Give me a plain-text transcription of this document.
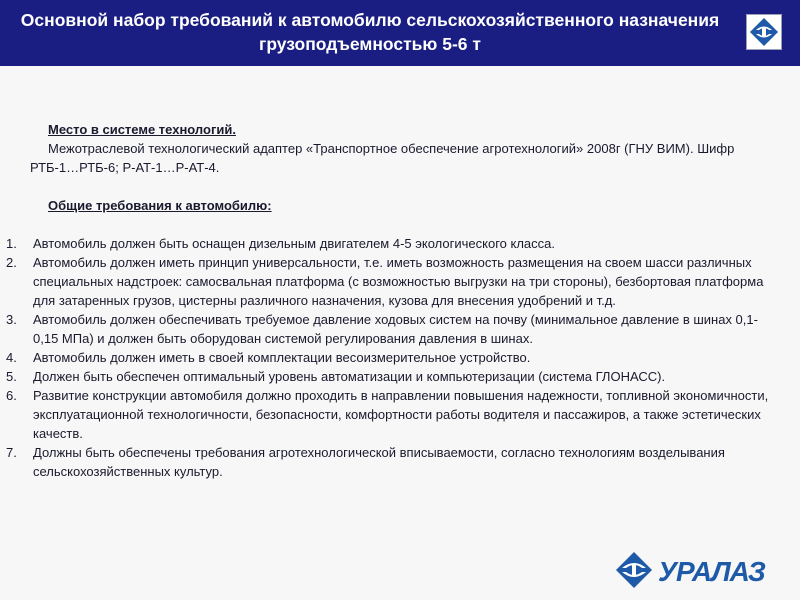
Основной набор требований к автомобилю сельскохозяйственного назначения грузоподъемностью 5-6 т
Место в системе технологий.
Межотраслевой технологический адаптер «Транспортное обеспечение агротехнологий» 2008г (ГНУ ВИМ). Шифр РТБ-1…РТБ-6; Р-АТ-1…Р-АТ-4.
Общие требования к автомобилю:
1. Автомобиль должен быть оснащен дизельным двигателем 4-5 экологического класса.
2. Автомобиль должен иметь принцип универсальности, т.е. иметь возможность размещения на своем шасси различных специальных надстроек: самосвальная платформа (с возможностью выгрузки на три стороны), безбортовая платформа для затаренных грузов, цистерны различного назначения, кузова для внесения удобрений и т.д.
3. Автомобиль должен обеспечивать требуемое давление ходовых систем на почву (минимальное давление в шинах 0,1-0,15 МПа) и должен быть оборудован системой регулирования давления в шинах.
4. Автомобиль должен иметь в своей комплектации весоизмерительное устройство.
5. Должен быть обеспечен оптимальный уровень автоматизации и компьютеризации (система ГЛОНАСС).
6. Развитие конструкции автомобиля должно проходить в направлении повышения надежности, топливной экономичности, эксплуатационной технологичности, безопасности, комфортности работы водителя и пассажиров, а также эстетических качеств.
7. Должны быть обеспечены требования агротехнологической вписываемости, согласно технологиям возделывания сельскохозяйственных культур.
УРАЛАЗ
